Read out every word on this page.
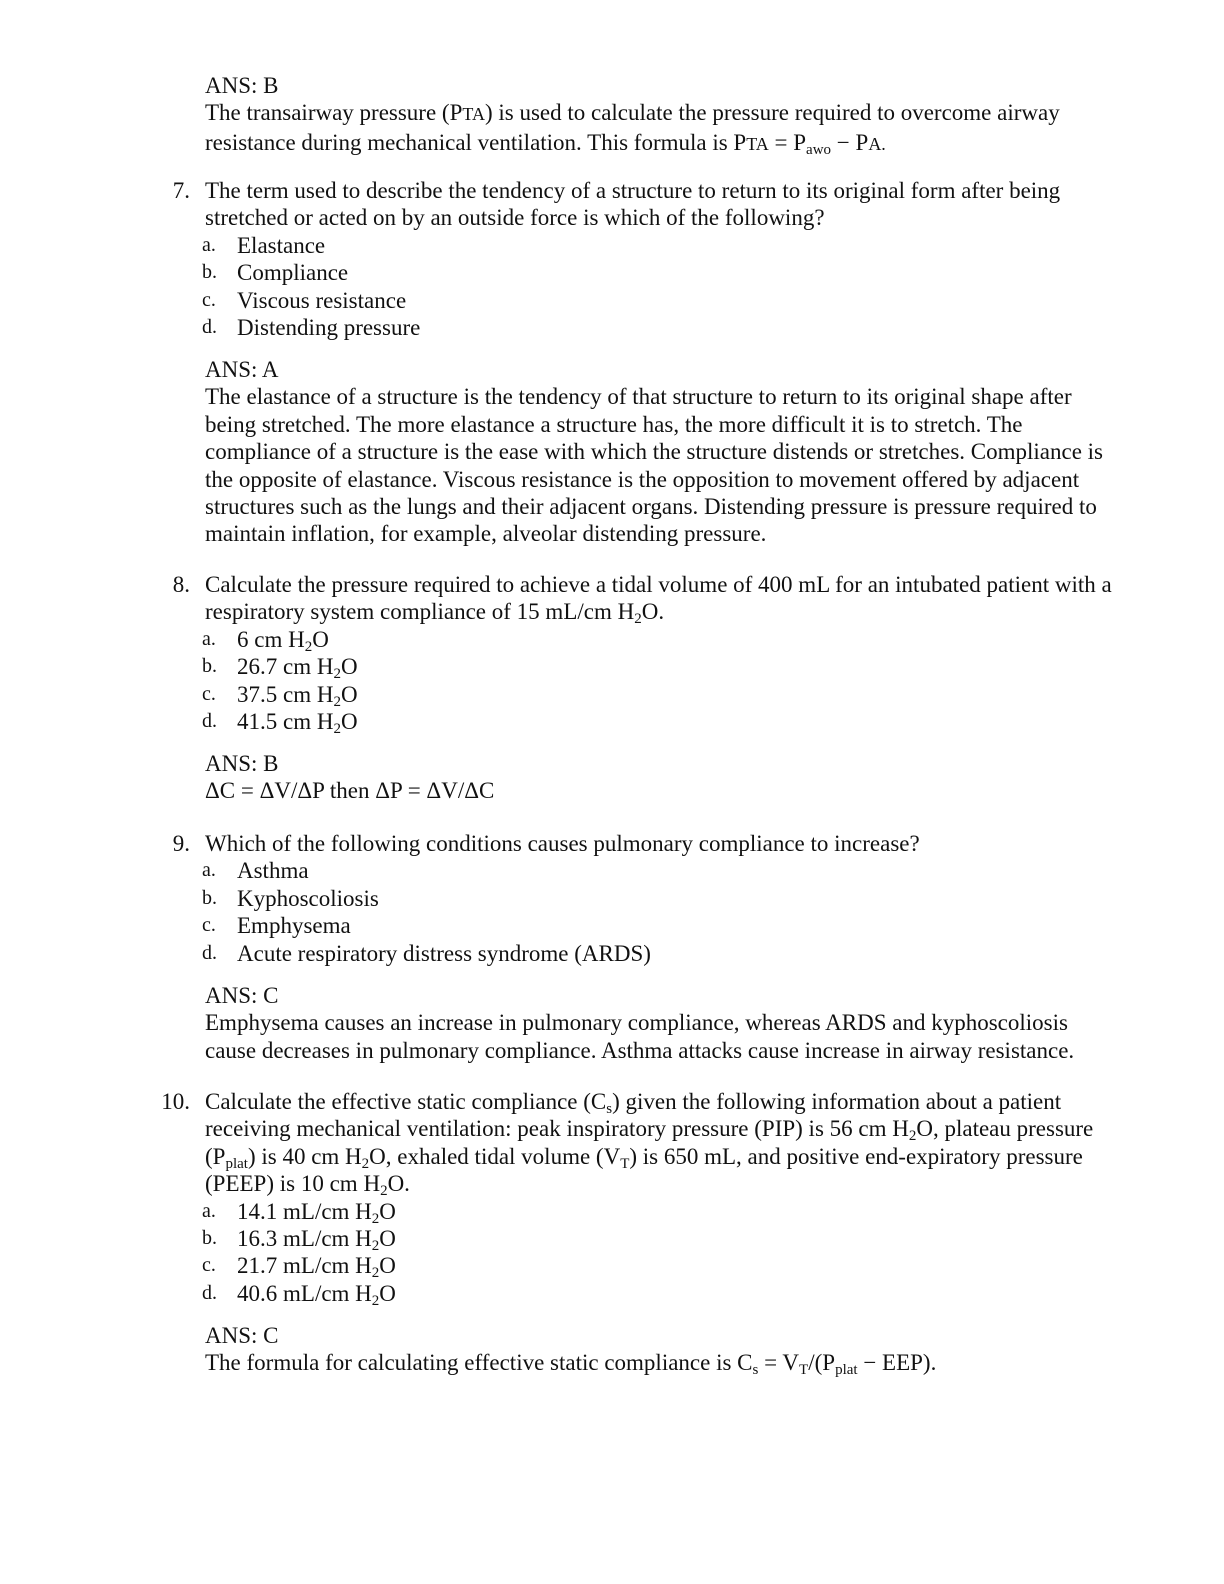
ANS: B

The transairway pressure (PTA) is used to calculate the pressure required to overcome airway resistance during mechanical ventilation. This formula is PTA = $P_{awo}$ − PA.

7. The term used to describe the tendency of a structure to return to its original form after being stretched or acted on by an outside force is which of the following?

a. Elastance
b. Compliance
c. Viscous resistance
d. Distending pressure

ANS: A

The elastance of a structure is the tendency of that structure to return to its original shape after being stretched. The more elastance a structure has, the more difficult it is to stretch. The compliance of a structure is the ease with which the structure distends or stretches. Compliance is the opposite of elastance. Viscous resistance is the opposition to movement offered by adjacent structures such as the lungs and their adjacent organs. Distending pressure is pressure required to maintain inflation, for example, alveolar distending pressure.

8. Calculate the pressure required to achieve a tidal volume of 400 mL for an intubated patient with a respiratory system compliance of 15 mL/cm $H_2O$.

a. 6 cm $H_2O$
b. 26.7 cm $H_2O$
c. 37.5 cm $H_2O$
d. 41.5 cm $H_2O$

ANS: B

ΔC = ΔV/ΔP then ΔP = ΔV/ΔC

9. Which of the following conditions causes pulmonary compliance to increase?

a. Asthma
b. Kyphoscoliosis
c. Emphysema
d. Acute respiratory distress syndrome (ARDS)

ANS: C

Emphysema causes an increase in pulmonary compliance, whereas ARDS and kyphoscoliosis cause decreases in pulmonary compliance. Asthma attacks cause increase in airway resistance.

10. Calculate the effective static compliance $(C_s)$ given the following information about a patient receiving mechanical ventilation: peak inspiratory pressure (PIP) is 56 cm $H_2O$, plateau pressure $(P_{plat})$ is 40 cm $H_2O$, exhaled tidal volume $(V_T)$ is 650 mL, and positive end-expiratory pressure (PEEP) is 10 cm $H_2O$.

a. 14.1 mL/cm $H_2O$
b. 16.3 mL/cm $H_2O$
c. 21.7 mL/cm $H_2O$
d. 40.6 mL/cm $H_2O$

ANS: C

The formula for calculating effective static compliance is $C_s = V_T/(P_{plat} - EEP)$.
